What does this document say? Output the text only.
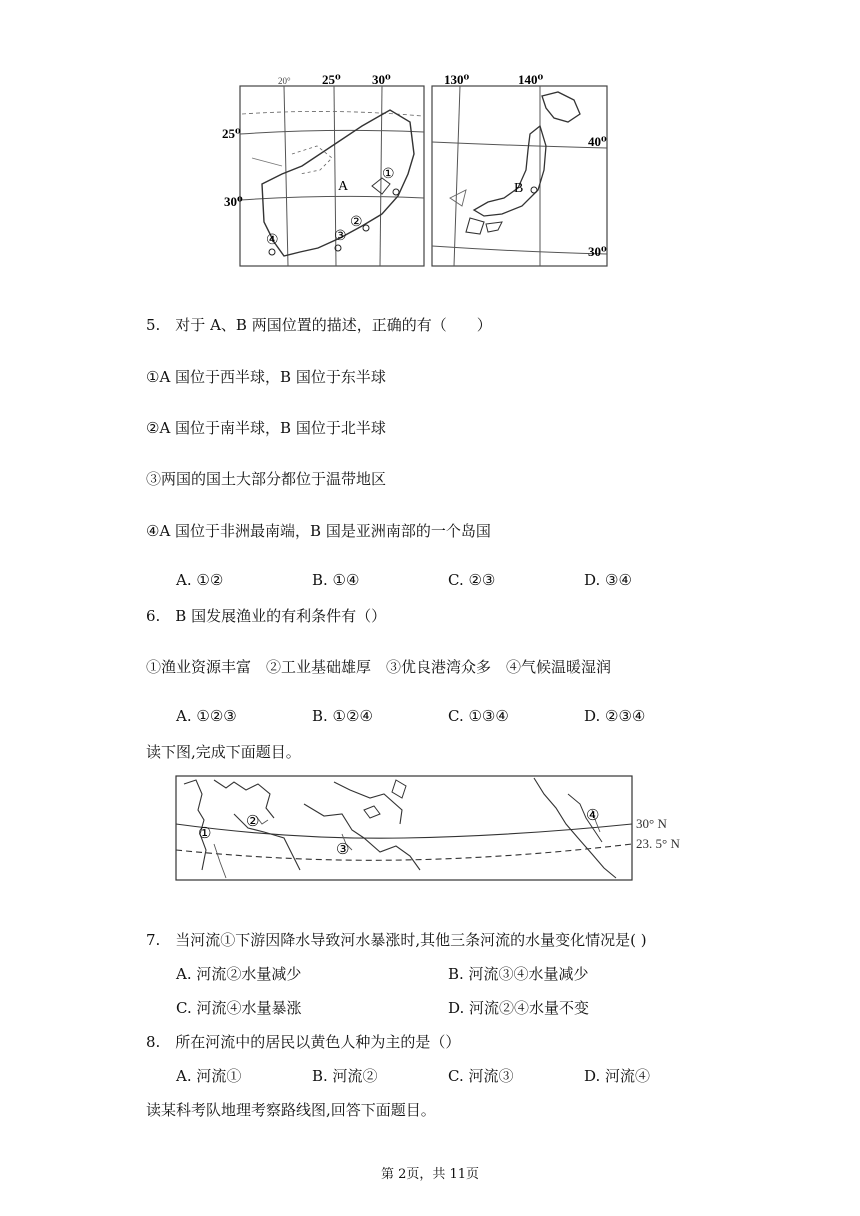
20° 25⁰ 30⁰	130⁰	140⁰
25⁰
30⁰
40⁰
30⁰
A	B
①
②
③
④
5.　对于 A、B 两国位置的描述，正确的有（　　）
①A 国位于西半球，B 国位于东半球
②A 国位于南半球，B 国位于北半球
③两国的国土大部分都位于温带地区
④A 国位于非洲最南端，B 国是亚洲南部的一个岛国
A. ①②	B. ①④	C. ②③	D. ③④
6.　B 国发展渔业的有利条件有（）
①渔业资源丰富　②工业基础雄厚　③优良港湾众多　④气候温暖湿润
A. ①②③	B. ①②④	C. ①③④	D. ②③④
读下图,完成下面题目。
①
②
③
④	30° N
23. 5° N
7.　当河流①下游因降水导致河水暴涨时,其他三条河流的水量变化情况是( )
A. 河流②水量减少	B. 河流③④水量减少
C. 河流④水量暴涨	D. 河流②④水量不变
8.　所在河流中的居民以黄色人种为主的是（）
A. 河流①	B. 河流②	C. 河流③	D. 河流④
读某科考队地理考察路线图,回答下面题目。
第 2页，共 11页
